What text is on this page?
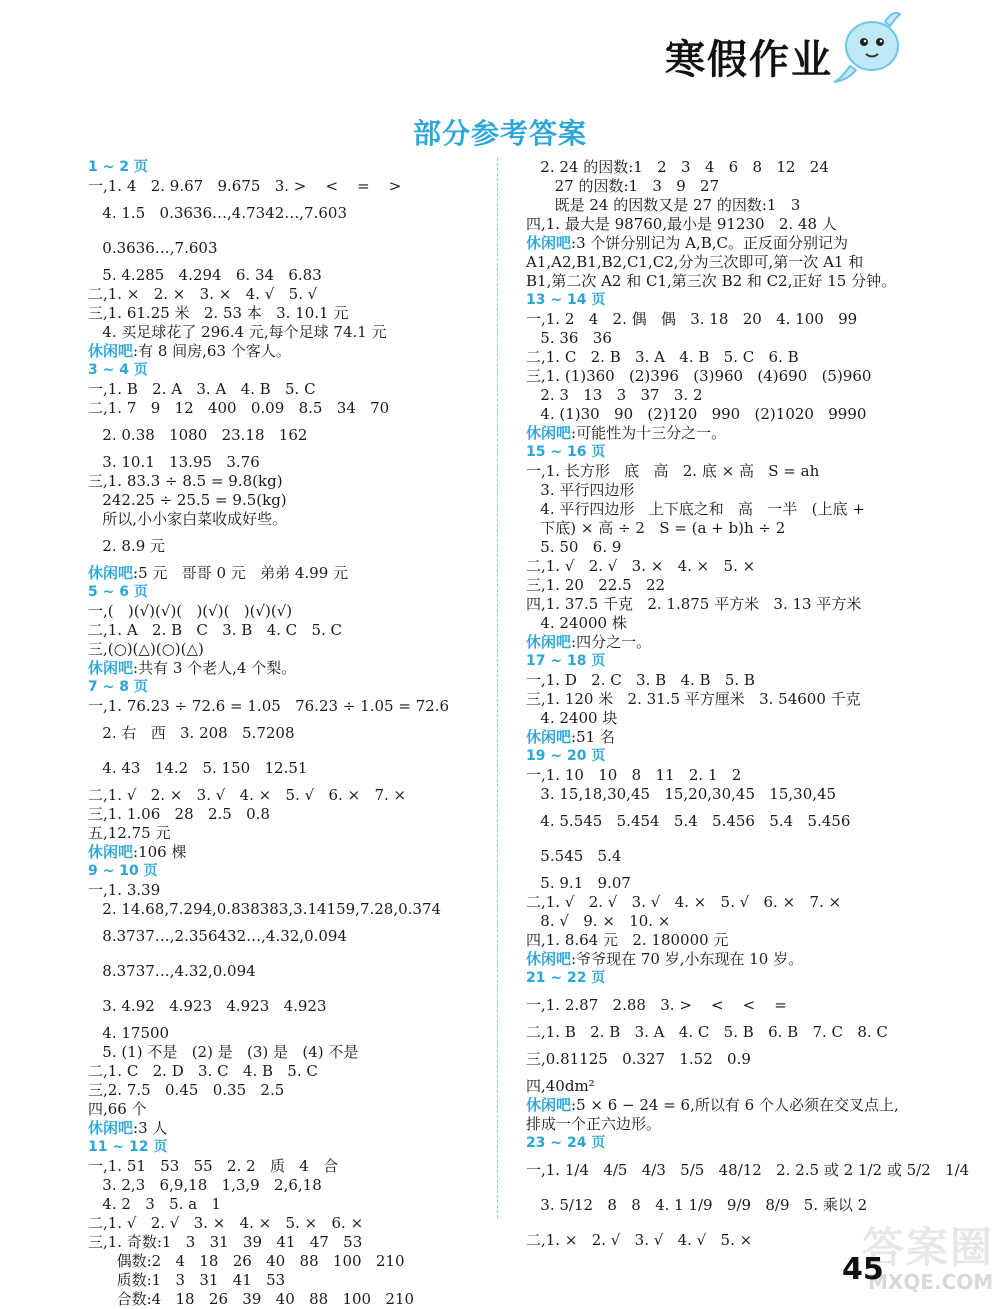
寒假作业
部分参考答案
1 ~ 2 页
一,1. 4   2. 9.67   9.675   3. >    <    =    >
4. 1.5   0.3636…,4.7342…,7.603
0.3636…,7.603
5. 4.285   4.294   6. 34   6.83
二,1. ×   2. ×   3. ×   4. √   5. √
三,1. 61.25 米   2. 53 本   3. 10.1 元
4. 买足球花了 296.4 元,每个足球 74.1 元
休闲吧:有 8 间房,63 个客人。
3 ~ 4 页
一,1. B   2. A   3. A   4. B   5. C
二,1. 7   9   12   400   0.09   8.5   34   70
2. 0.38   1080   23.18   162
3. 10.1   13.95   3.76
三,1. 83.3 ÷ 8.5 = 9.8(kg)
242.25 ÷ 25.5 = 9.5(kg)
所以,小小家白菜收成好些。
2. 8.9 元
休闲吧:5 元   哥哥 0 元   弟弟 4.99 元
5 ~ 6 页
一,(   )(√)(√)(   )(√)(   )(√)(√)
二,1. A   2. B   C   3. B   4. C   5. C
三,(○)(△)(○)(△)
休闲吧:共有 3 个老人,4 个梨。
7 ~ 8 页
一,1. 76.23 ÷ 72.6 = 1.05   76.23 ÷ 1.05 = 72.6
2. 右   西   3. 208   5.7208
4. 43   14.2   5. 150   12.51
二,1. √   2. ×   3. √   4. ×   5. √   6. ×   7. ×
三,1. 1.06   28   2.5   0.8
五,12.75 元
休闲吧:106 棵
9 ~ 10 页
一,1. 3.39
2. 14.68,7.294,0.838383,3.14159,7.28,0.374
8.3737…,2.356432…,4.32,0.094
8.3737…,4.32,0.094
3. 4.92   4.923   4.923   4.923
4. 17500
5. (1) 不是   (2) 是   (3) 是   (4) 不是
二,1. C   2. D   3. C   4. B   5. C
三,2. 7.5   0.45   0.35   2.5
四,66 个
休闲吧:3 人
11 ~ 12 页
一,1. 51   53   55   2. 2   质   4   合
3. 2,3   6,9,18   1,3,9   2,6,18
4. 2   3   5. a   1
二,1. √   2. √   3. ×   4. ×   5. ×   6. ×
三,1. 奇数:1   3   31   39   41   47   53
偶数:2   4   18   26   40   88   100   210
质数:1   3   31   41   53
合数:4   18   26   39   40   88   100   210
2. 24 的因数:1   2   3   4   6   8   12   24
27 的因数:1   3   9   27
既是 24 的因数又是 27 的因数:1   3
四,1. 最大是 98760,最小是 91230   2. 48 人
休闲吧:3 个饼分别记为 A,B,C。正反面分别记为
A1,A2,B1,B2,C1,C2,分为三次即可,第一次 A1 和
B1,第二次 A2 和 C1,第三次 B2 和 C2,正好 15 分钟。
13 ~ 14 页
一,1. 2   4   2. 偶   偶   3. 18   20   4. 100   99
5. 36   36
二,1. C   2. B   3. A   4. B   5. C   6. B
三,1. (1)360   (2)396   (3)960   (4)690   (5)960
2. 3   13   3   37   3. 2
4. (1)30   90   (2)120   990   (2)1020   9990
休闲吧:可能性为十三分之一。
15 ~ 16 页
一,1. 长方形   底   高   2. 底 × 高   S = ah
3. 平行四边形
4. 平行四边形   上下底之和   高   一半   (上底 +
下底) × 高 ÷ 2   S = (a + b)h ÷ 2
5. 50   6. 9
二,1. √   2. √   3. ×   4. ×   5. ×
三,1. 20   22.5   22
四,1. 37.5 千克   2. 1.875 平方米   3. 13 平方米
4. 24000 株
休闲吧:四分之一。
17 ~ 18 页
一,1. D   2. C   3. B   4. B   5. B
三,1. 120 米   2. 31.5 平方厘米   3. 54600 千克
4. 2400 块
休闲吧:51 名
19 ~ 20 页
一,1. 10   10   8   11   2. 1   2
3. 15,18,30,45   15,20,30,45   15,30,45
4. 5.545   5.454   5.4   5.456   5.4   5.456
5.545   5.4
5. 9.1   9.07
二,1. √   2. √   3. √   4. ×   5. √   6. ×   7. ×
8. √   9. ×   10. ×
四,1. 8.64 元   2. 180000 元
休闲吧:爷爷现在 70 岁,小东现在 10 岁。
21 ~ 22 页
一,1. 2.87   2.88   3. >    <    <    =
二,1. B   2. B   3. A   4. C   5. B   6. B   7. C   8. C
三,0.81125   0.327   1.52   0.9
四,40dm²
休闲吧:5 × 6 − 24 = 6,所以有 6 个人必须在交叉点上,
排成一个正六边形。
23 ~ 24 页
一,1. 1/4   4/5   4/3   5/5   48/12   2. 2.5 或 2 1/2 或 5/2   1/4
3. 5/12   8   8   4. 1 1/9   9/9   8/9   5. 乘以 2
二,1. ×   2. √   3. √   4. √   5. ×	答案圈
MXQE.COM
45
